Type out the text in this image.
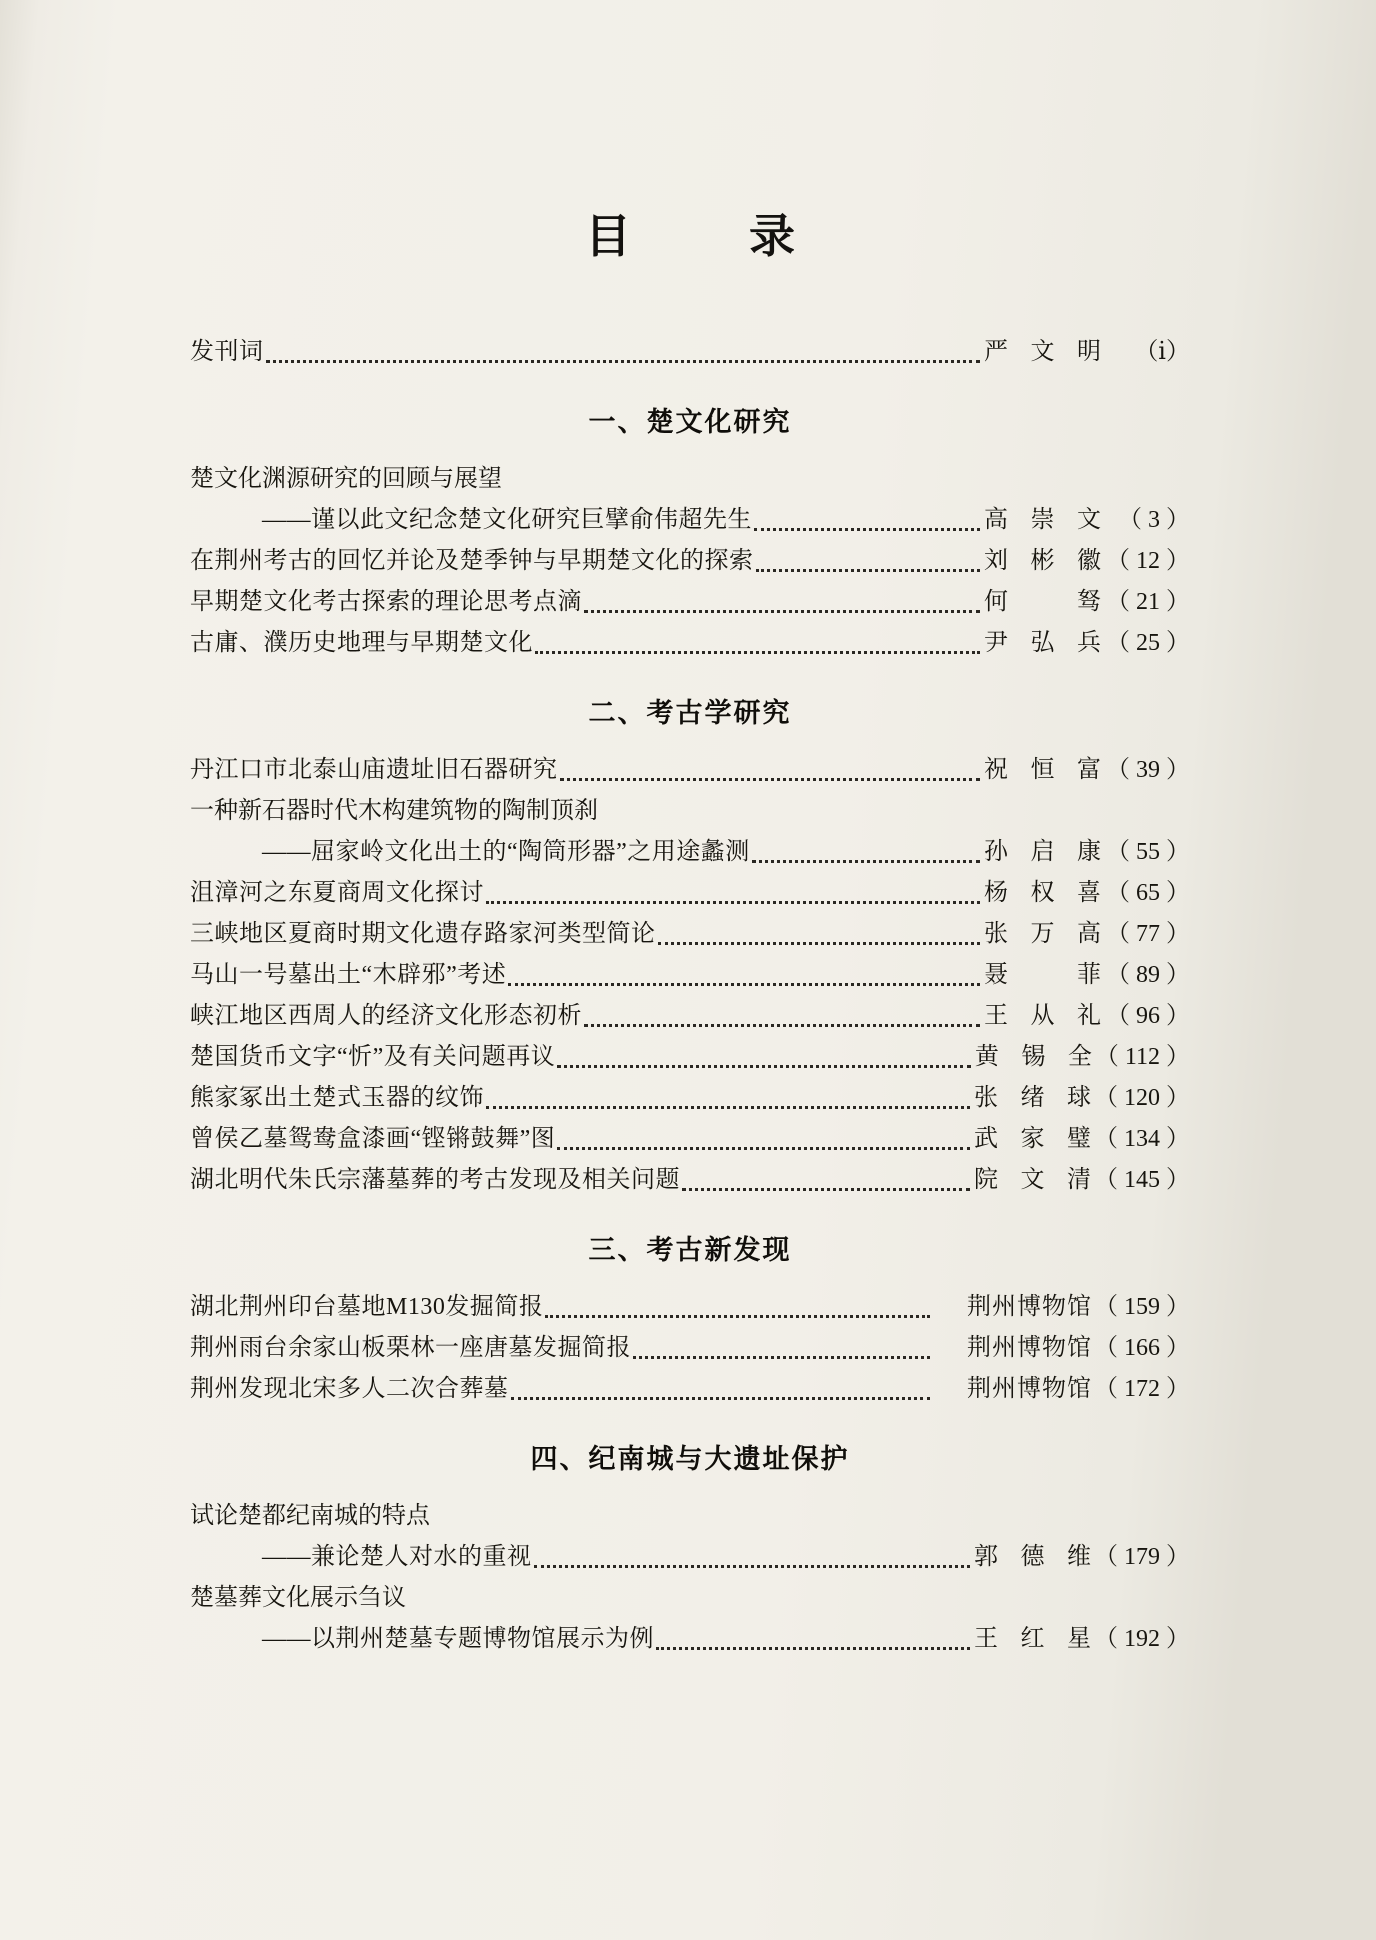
目　录
发刊词	严文明	（ⅰ）
一、楚文化研究
楚文化渊源研究的回顾与展望
——谨以此文纪念楚文化研究巨擘俞伟超先生	高崇文 （ 3 ）
在荆州考古的回忆并论及楚季钟与早期楚文化的探索	刘彬徽 （ 12 ）
早期楚文化考古探索的理论思考点滴	何　驽 （ 21 ）
古庸、濮历史地理与早期楚文化	尹弘兵 （ 25 ）
二、考古学研究
丹江口市北泰山庙遗址旧石器研究	祝恒富 （ 39 ）
一种新石器时代木构建筑物的陶制顶刹
——屈家岭文化出土的“陶筒形器”之用途蠡测	孙启康 （ 55 ）
沮漳河之东夏商周文化探讨	杨权喜 （ 65 ）
三峡地区夏商时期文化遗存路家河类型简论	张万高 （ 77 ）
马山一号墓出土“木辟邪”考述	聂　菲 （ 89 ）
峡江地区西周人的经济文化形态初析	王从礼 （ 96 ）
楚国货币文字“忻”及有关问题再议	黄锡全 （ 112 ）
熊家冢出土楚式玉器的纹饰	张绪球 （ 120 ）
曾侯乙墓鸳鸯盒漆画“铿锵鼓舞”图	武家璧 （ 134 ）
湖北明代朱氏宗藩墓葬的考古发现及相关问题	院文清 （ 145 ）
三、考古新发现
湖北荆州印台墓地M130发掘简报	荆州博物馆 （ 159 ）
荆州雨台余家山板栗林一座唐墓发掘简报	荆州博物馆 （ 166 ）
荆州发现北宋多人二次合葬墓	荆州博物馆 （ 172 ）
四、纪南城与大遗址保护
试论楚都纪南城的特点
——兼论楚人对水的重视	郭德维 （ 179 ）
楚墓葬文化展示刍议
——以荆州楚墓专题博物馆展示为例	王红星 （ 192 ）
